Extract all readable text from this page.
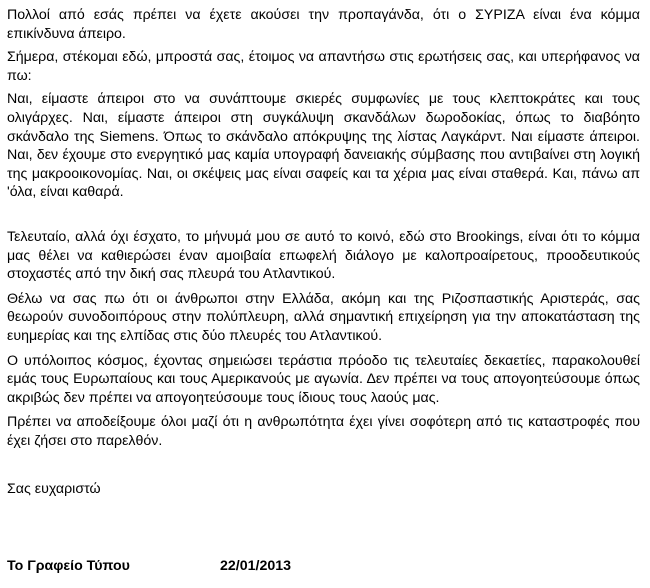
Πολλοί από εσάς πρέπει να έχετε ακούσει την προπαγάνδα, ότι ο ΣΥΡΙΖΑ είναι ένα κόμμα επικίνδυνα άπειρο.

Σήμερα, στέκομαι εδώ, μπροστά σας, έτοιμος να απαντήσω στις ερωτήσεις σας, και υπερήφανος να πω:

Ναι, είμαστε άπειροι στο να συνάπτουμε σκιερές συμφωνίες με τους κλεπτοκράτες και τους ολιγάρχες. Ναι, είμαστε άπειροι στη συγκάλυψη σκανδάλων δωροδοκίας, όπως το διαβόητο σκάνδαλο της Siemens. Όπως το σκάνδαλο απόκρυψης της λίστας Λαγκάρντ. Ναι είμαστε άπειροι. Ναι, δεν έχουμε στο ενεργητικό μας καμία υπογραφή δανειακής σύμβασης που αντιβαίνει στη λογική της μακροοικονομίας. Ναι, οι σκέψεις μας είναι σαφείς και τα χέρια μας είναι σταθερά. Και, πάνω απ 'όλα, είναι καθαρά.

Τελευταίο, αλλά όχι έσχατο, το μήνυμά μου σε αυτό το κοινό, εδώ στο Brookings, είναι ότι το κόμμα μας θέλει να καθιερώσει έναν αμοιβαία επωφελή διάλογο με καλοπροαίρετους, προοδευτικούς στοχαστές από την δική σας πλευρά του Ατλαντικού.

Θέλω να σας πω ότι οι άνθρωποι στην Ελλάδα, ακόμη και της Ριζοσπαστικής Αριστεράς, σας θεωρούν συνοδοιπόρους στην πολύπλευρη, αλλά σημαντική επιχείρηση για την αποκατάσταση της ευημερίας και της ελπίδας στις δύο πλευρές του Ατλαντικού.

Ο υπόλοιπος κόσμος, έχοντας σημειώσει τεράστια πρόοδο τις τελευταίες δεκαετίες, παρακολουθεί εμάς τους Ευρωπαίους και τους Αμερικανούς με αγωνία. Δεν πρέπει να τους απογοητεύσουμε όπως ακριβώς δεν πρέπει να απογοητεύσουμε τους ίδιους τους λαούς μας.

Πρέπει να αποδείξουμε όλοι μαζί ότι η ανθρωπότητα έχει γίνει σοφότερη από τις καταστροφές που έχει ζήσει στο παρελθόν.

Σας ευχαριστώ

Το Γραφείο Τύπου	22/01/2013
